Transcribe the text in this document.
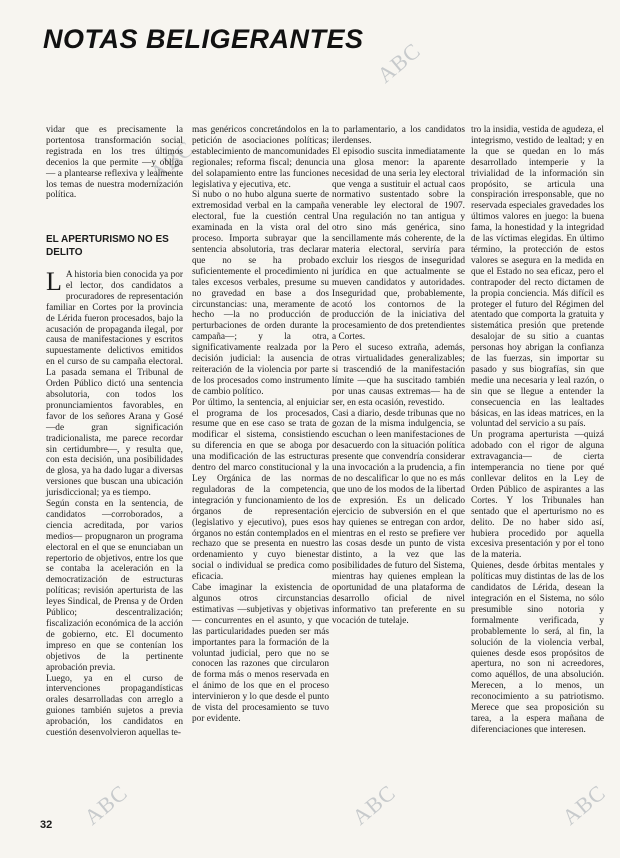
ABC
ABC
ABC	ABC	ABC
NOTAS BELIGERANTES

vidar que es precisamente la portentosa transformación social registrada en los tres últimos decenios la que permite —y obliga— a plantearse reflexiva y lealmente los temas de nuestra modernización política.

EL APERTURISMO NO ES DELITO

L A historia bien conocida ya por el lector, dos candidatos a procuradores de representación familiar en Cortes por la provincia de Lérida fueron procesados, bajo la acusación de propaganda ilegal, por causa de manifestaciones y escritos supuestamente delictivos emitidos en el curso de su campaña electoral. La pasada semana el Tribunal de Orden Público dictó una sentencia absolutoria, con todos los pronunciamientos favorables, en favor de los señores Arana y Gosé —de gran significación tradicionalista, me parece recordar sin certidumbre—, y resulta que, con esta decisión, una posibilidades de glosa, ya ha dado lugar a diversas versiones que buscan una ubicación jurisdiccional; ya es tiempo.

Según consta en la sentencia, de candidatos —corroborados, a ciencia acreditada, por varios medios— propugnaron un programa electoral en el que se enunciaban un repertorio de objetivos, entre los que se contaba la aceleración en la democratización de estructuras políticas; revisión aperturista de las leyes Sindical, de Prensa y de Orden Público; descentralización; fiscalización económica de la acción de gobierno, etc. El documento impreso en que se contenían los objetivos de la pertinente aprobación previa.

Luego, ya en el curso de intervenciones propagandísticas orales desarrolladas con arreglo a guiones también sujetos a previa aprobación, los candidatos en cuestión desenvolvieron aquellas te-

mas genéricos concretándolos en la petición de asociaciones políticas; establecimiento de mancomunidades regionales; reforma fiscal; denuncia del solapamiento entre las funciones legislativa y ejecutiva, etc.

Si nubo o no hubo alguna suerte de extremosidad verbal en la campaña electoral, fue la cuestión central examinada en la vista oral del proceso. Importa subrayar que la sentencia absolutoria, tras declarar que no se ha probado suficientemente el procedimiento ni tales excesos verbales, presume su no gravedad en base a dos circunstancias: una, meramente de hecho —la no producción de perturbaciones de orden durante la campaña—; y la otra, significativamente realzada por la decisión judicial: la ausencia de reiteración de la violencia por parte de los procesados como instrumento de cambio político.

Por último, la sentencia, al enjuiciar el programa de los procesados, resume que en ese caso se trata de modificar el sistema, consistiendo su diferencia en que se aboga por una modificación de las estructuras dentro del marco constitucional y la Ley Orgánica de las normas reguladoras de la competencia, integración y funcionamiento de los órganos de representación (legislativo y ejecutivo), pues esos órganos no están contemplados en el rechazo que se presenta en nuestro ordenamiento y cuyo bienestar social o individual se predica como eficacia.

Cabe imaginar la existencia de algunos otros circunstancias estimativas —subjetivas y objetivas— concurrentes en el asunto, y que las particularidades pueden ser más importantes para la formación de la voluntad judicial, pero que no se conocen las razones que circularon de forma más o menos reservada en el ánimo de los que en el proceso intervinieron y lo que desde el punto de vista del procesamiento se tuvo por evidente.

to parlamentario, a los candidatos ilerdenses.

El episodio suscita inmediatamente una glosa menor: la aparente necesidad de una seria ley electoral que venga a sustituir el actual caos normativo sustentado sobre la venerable ley electoral de 1907. Una regulación no tan antigua y otro sino más genérica, sino sencillamente más coherente, de la materia electoral, serviría para excluir los riesgos de inseguridad jurídica en que actualmente se mueven candidatos y autoridades. Inseguridad que, probablemente, acotó los contornos de la producción de la iniciativa del procesamiento de dos pretendientes a Cortes.

Pero el suceso extraña, además, otras virtualidades generalizables; si trascendió de la manifestación límite —que ha suscitado también por unas causas extremas— ha de ser, en esta ocasión, revestido.

Casi a diario, desde tribunas que no gozan de la misma indulgencia, se escuchan o leen manifestaciones de desacuerdo con la situación política presente que convendría considerar una invocación a la prudencia, a fin de no descalificar lo que no es más que uno de los modos de la libertad de expresión. Es un delicado ejercicio de subversión en el que hay quienes se entregan con ardor, mientras en el resto se prefiere ver las cosas desde un punto de vista distinto, a la vez que las posibilidades de futuro del Sistema, mientras hay quienes emplean la oportunidad de una plataforma de desarrollo oficial de nivel informativo tan preferente en su vocación de tutelaje.

tro la insidia, vestida de agudeza, el integrismo, vestido de lealtad; y en la que se quedan en lo más desarrollado intemperie y la trivialidad de la información sin propósito, se articula una conspiración irresponsable, que no reservada especiales gravedades los últimos valores en juego: la buena fama, la honestidad y la integridad de las víctimas elegidas. En último término, la protección de estos valores se asegura en la medida en que el Estado no sea eficaz, pero el contrapoder del recto dictamen de la propia conciencia. Más difícil es proteger el futuro del Régimen del atentado que comporta la gratuita y sistemática presión que pretende desalojar de su sitio a cuantas personas hoy abrigan la confianza de las fuerzas, sin importar su pasado y sus biografías, sin que medie una necesaria y leal razón, o sin que se llegue a entender la consecuencia en las lealtades básicas, en las ideas matrices, en la voluntad del servicio a su país.

Un programa aperturista —quizá adobado con el rigor de alguna extravagancia— de cierta intemperancia no tiene por qué conllevar delitos en la Ley de Orden Público de aspirantes a las Cortes. Y los Tribunales han sentado que el aperturismo no es delito. De no haber sido así, hubiera procedido por aquella excesiva presentación y por el tono de la materia.

Quienes, desde órbitas mentales y políticas muy distintas de las de los candidatos de Lérida, desean la integración en el Sistema, no sólo presumible sino notoria y formalmente verificada, y probablemente lo será, al fin, la solución de la violencia verbal, quienes desde esos propósitos de apertura, no son ni acreedores, como aquéllos, de una absolución. Merecen, a lo menos, un reconocimiento a su patriotismo. Merece que sea proposición su tarea, a la espera mañana de diferenciaciones que interesen.

32
